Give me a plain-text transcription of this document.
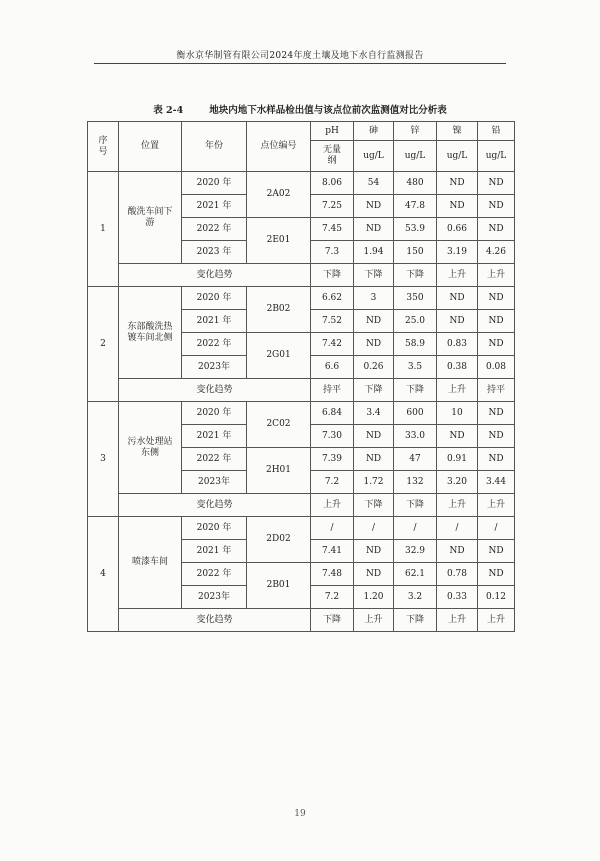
衡水京华制管有限公司2024年度土壤及地下水自行监测报告
表 2-4	地块内地下水样品检出值与该点位前次监测值对比分析表
序号	位置	年份	点位编号	pH	砷	锌	镍	铅
				无量纲	ug/L	ug/L	ug/L	ug/L
1	酸洗车间下游	2020 年	2A02	8.06	54	480	ND	ND
		2021 年		7.25	ND	47.8	ND	ND
		2022 年	2E01	7.45	ND	53.9	0.66	ND
		2023 年		7.3	1.94	150	3.19	4.26
	变化趋势			下降	下降	下降	上升	上升
2	东部酸洗热镀车间北侧	2020 年	2B02	6.62	3	350	ND	ND
		2021 年		7.52	ND	25.0	ND	ND
		2022 年	2G01	7.42	ND	58.9	0.83	ND
		2023年		6.6	0.26	3.5	0.38	0.08
	变化趋势			持平	下降	下降	上升	持平
3	污水处理站东侧	2020 年	2C02	6.84	3.4	600	10	ND
		2021 年		7.30	ND	33.0	ND	ND
		2022 年	2H01	7.39	ND	47	0.91	ND
		2023年		7.2	1.72	132	3.20	3.44
	变化趋势			上升	下降	下降	上升	上升
4	喷漆车间	2020 年	2D02	/	/	/	/	/
		2021 年		7.41	ND	32.9	ND	ND
		2022 年	2B01	7.48	ND	62.1	0.78	ND
		2023年		7.2	1.20	3.2	0.33	0.12
	变化趋势			下降	上升	下降	上升	上升
19
